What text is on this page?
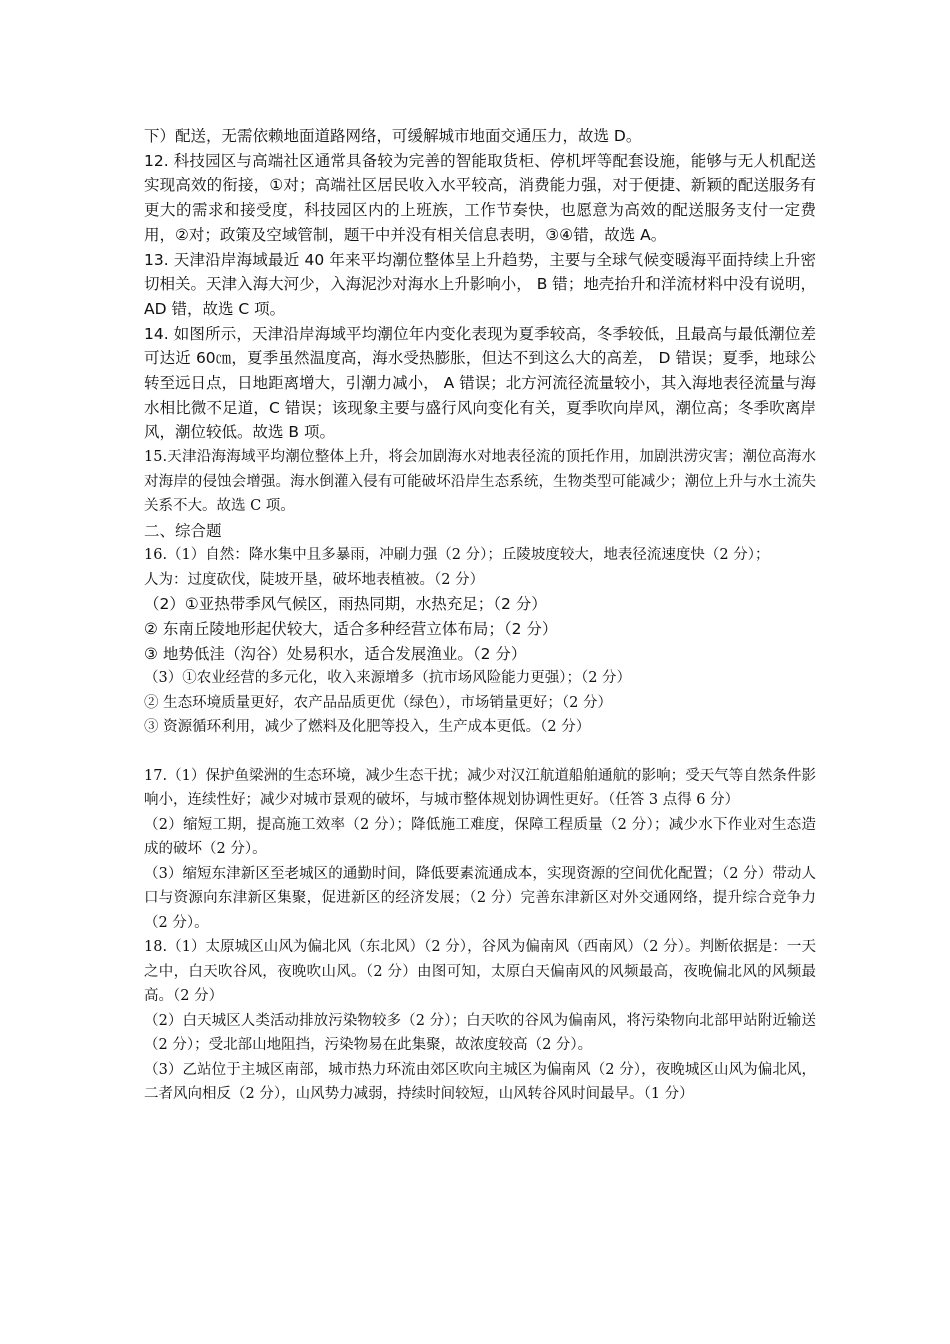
下）配送，无需依赖地面道路网络，可缓解城市地面交通压力，故选 D。

12. 科技园区与高端社区通常具备较为完善的智能取货柜、停机坪等配套设施，能够与无人机配送实现高效的衔接，①对；高端社区居民收入水平较高，消费能力强，对于便捷、新颖的配送服务有更大的需求和接受度，科技园区内的上班族，工作节奏快，也愿意为高效的配送服务支付一定费用，②对；政策及空域管制，题干中并没有相关信息表明，③④错，故选 A。

13. 天津沿岸海域最近 40 年来平均潮位整体呈上升趋势，主要与全球气候变暖海平面持续上升密切相关。天津入海大河少，入海泥沙对海水上升影响小， B 错；地壳抬升和洋流材料中没有说明，AD 错，故选 C 项。

14. 如图所示，天津沿岸海域平均潮位年内变化表现为夏季较高，冬季较低，且最高与最低潮位差可达近 60㎝，夏季虽然温度高，海水受热膨胀，但达不到这么大的高差， D 错误；夏季，地球公转至远日点，日地距离增大，引潮力减小， A 错误；北方河流径流量较小，其入海地表径流量与海水相比微不足道，C 错误；该现象主要与盛行风向变化有关，夏季吹向岸风，潮位高；冬季吹离岸风，潮位较低。故选 B 项。

15.天津沿海海域平均潮位整体上升，将会加剧海水对地表径流的顶托作用，加剧洪涝灾害；潮位高海水对海岸的侵蚀会增强。海水倒灌入侵有可能破坏沿岸生态系统，生物类型可能减少；潮位上升与水土流失关系不大。故选 C 项。

二、综合题

16.（1）自然：降水集中且多暴雨，冲刷力强（2 分）；丘陵坡度较大，地表径流速度快（2 分）；

人为：过度砍伐，陡坡开垦，破坏地表植被。（2 分）

（2）①亚热带季风气候区，雨热同期，水热充足；（2 分）

② 东南丘陵地形起伏较大，适合多种经营立体布局；（2 分）

③ 地势低洼（沟谷）处易积水，适合发展渔业。（2 分）

（3）①农业经营的多元化，收入来源增多（抗市场风险能力更强）；（2 分）

② 生态环境质量更好，农产品品质更优（绿色），市场销量更好；（2 分）

③ 资源循环利用，减少了燃料及化肥等投入，生产成本更低。（2 分）

17.（1）保护鱼梁洲的生态环境，减少生态干扰；减少对汉江航道船舶通航的影响；受天气等自然条件影响小，连续性好；减少对城市景观的破坏，与城市整体规划协调性更好。（任答 3 点得 6 分）

（2）缩短工期，提高施工效率（2 分）；降低施工难度，保障工程质量（2 分）；减少水下作业对生态造成的破坏（2 分）。

（3）缩短东津新区至老城区的通勤时间，降低要素流通成本，实现资源的空间优化配置；（2 分）带动人口与资源向东津新区集聚，促进新区的经济发展；（2 分）完善东津新区对外交通网络，提升综合竞争力（2 分）。

18.（1）太原城区山风为偏北风（东北风）（2 分），谷风为偏南风（西南风）（2 分）。判断依据是：一天之中，白天吹谷风，夜晚吹山风。（2 分）由图可知，太原白天偏南风的风频最高，夜晚偏北风的风频最高。（2 分）

（2）白天城区人类活动排放污染物较多（2 分）；白天吹的谷风为偏南风，将污染物向北部甲站附近输送（2 分）；受北部山地阻挡，污染物易在此集聚，故浓度较高（2 分）。

（3）乙站位于主城区南部，城市热力环流由郊区吹向主城区为偏南风（2 分），夜晚城区山风为偏北风，二者风向相反（2 分），山风势力减弱，持续时间较短，山风转谷风时间最早。（1 分）
